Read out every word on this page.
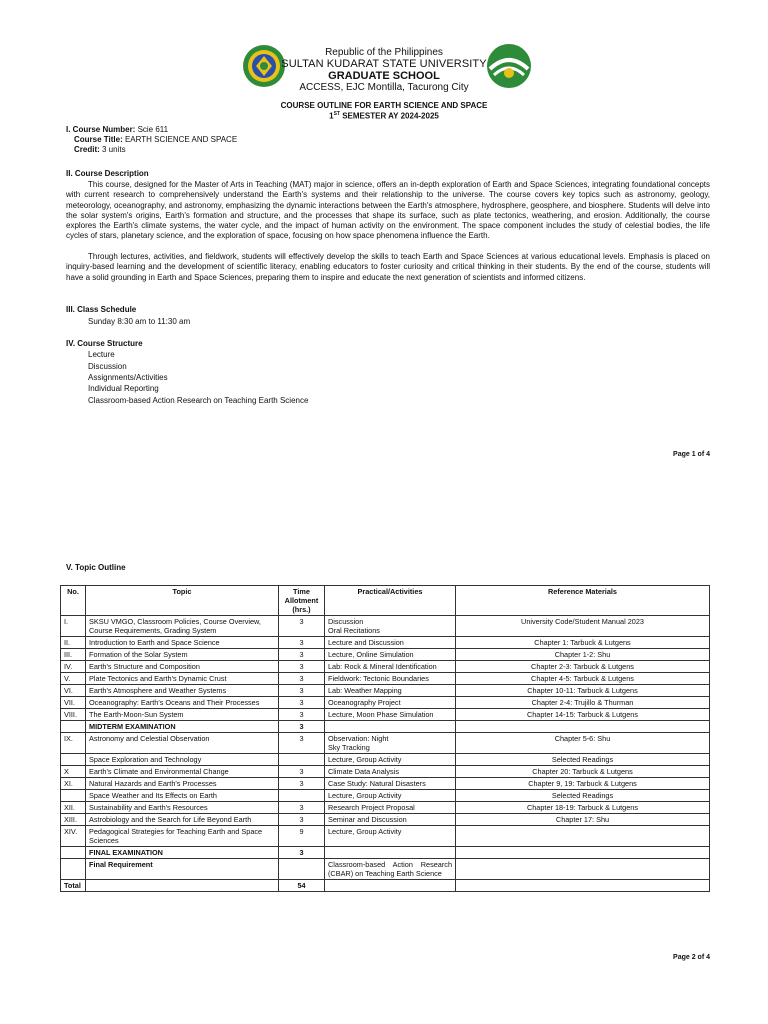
Republic of the Philippines
SULTAN KUDARAT STATE UNIVERSITY
GRADUATE SCHOOL
ACCESS, EJC Montilla, Tacurong City
COURSE OUTLINE FOR EARTH SCIENCE AND SPACE
1ST SEMESTER AY 2024-2025
I. Course Number: Scie 611
Course Title: EARTH SCIENCE AND SPACE
Credit: 3 units
II. Course Description

This course, designed for the Master of Arts in Teaching (MAT) major in science, offers an in-depth exploration of Earth and Space Sciences, integrating foundational concepts with current research to comprehensively understand the Earth's systems and their relationship to the universe. The course covers key topics such as astronomy, geology, meteorology, oceanography, and astronomy, emphasizing the dynamic interactions between the Earth's atmosphere, hydrosphere, geosphere, and biosphere. Students will delve into the solar system's origins, Earth's formation and structure, and the processes that shape its surface, such as plate tectonics, weathering, and erosion. Additionally, the course explores the Earth's climate systems, the water cycle, and the impact of human activity on the environment. The space component includes the study of celestial bodies, the life cycles of stars, planetary science, and the exploration of space, focusing on how space phenomena influence the Earth.

Through lectures, activities, and fieldwork, students will effectively develop the skills to teach Earth and Space Sciences at various educational levels. Emphasis is placed on inquiry-based learning and the development of scientific literacy, enabling educators to foster curiosity and critical thinking in their students. By the end of the course, students will have a solid grounding in Earth and Space Sciences, preparing them to inspire and educate the next generation of scientists and informed citizens.

III. Class Schedule
Sunday 8:30 am to 11:30 am
IV. Course Structure
Lecture
Discussion
Assignments/Activities
Individual Reporting
Classroom-based Action Research on Teaching Earth Science
Page 1 of 4
V. Topic Outline
No.	Topic	Time Allotment (hrs.)	Practical/Activities	Reference Materials
I.	SKSU VMGO, Classroom Policies, Course Overview, Course Requirements, Grading System	3	Discussion
Oral Recitations	University Code/Student Manual 2023
II.	Introduction to Earth and Space Science	3	Lecture and Discussion	Chapter 1: Tarbuck & Lutgens
III.	Formation of the Solar System	3	Lecture, Online Simulation	Chapter 1-2: Shu
IV.	Earth's Structure and Composition	3	Lab: Rock & Mineral Identification	Chapter 2-3: Tarbuck & Lutgens
V.	Plate Tectonics and Earth's Dynamic Crust	3	Fieldwork: Tectonic Boundaries	Chapter 4-5: Tarbuck & Lutgens
VI.	Earth's Atmosphere and Weather Systems	3	Lab: Weather Mapping	Chapter 10-11: Tarbuck & Lutgens
VII.	Oceanography: Earth's Oceans and Their Processes	3	Oceanography Project	Chapter 2-4: Trujillo & Thurman
VIII.	The Earth-Moon-Sun System	3	Lecture, Moon Phase Simulation	Chapter 14-15: Tarbuck & Lutgens
	MIDTERM EXAMINATION	3		
IX.	Astronomy and Celestial Observation	3	Observation: Night
Sky Tracking	Chapter 5-6: Shu
	Space Exploration and Technology		Lecture, Group Activity	Selected Readings
X	Earth's Climate and Environmental Change	3	Climate Data Analysis	Chapter 20: Tarbuck & Lutgens
XI.	Natural Hazards and Earth's Processes	3	Case Study: Natural Disasters	Chapter 9, 19: Tarbuck & Lutgens
	Space Weather and Its Effects on Earth		Lecture, Group Activity	Selected Readings
XII.	Sustainability and Earth's Resources	3	Research Project Proposal	Chapter 18-19: Tarbuck & Lutgens
XIII.	Astrobiology and the Search for Life Beyond Earth	3	Seminar and Discussion	Chapter 17: Shu
XIV.	Pedagogical Strategies for Teaching Earth and Space Sciences	9	Lecture, Group Activity	
	FINAL EXAMINATION	3		
	Final Requirement		Classroom-based Action Research (CBAR) on Teaching Earth Science	
Total		54		
Page 2 of 4
